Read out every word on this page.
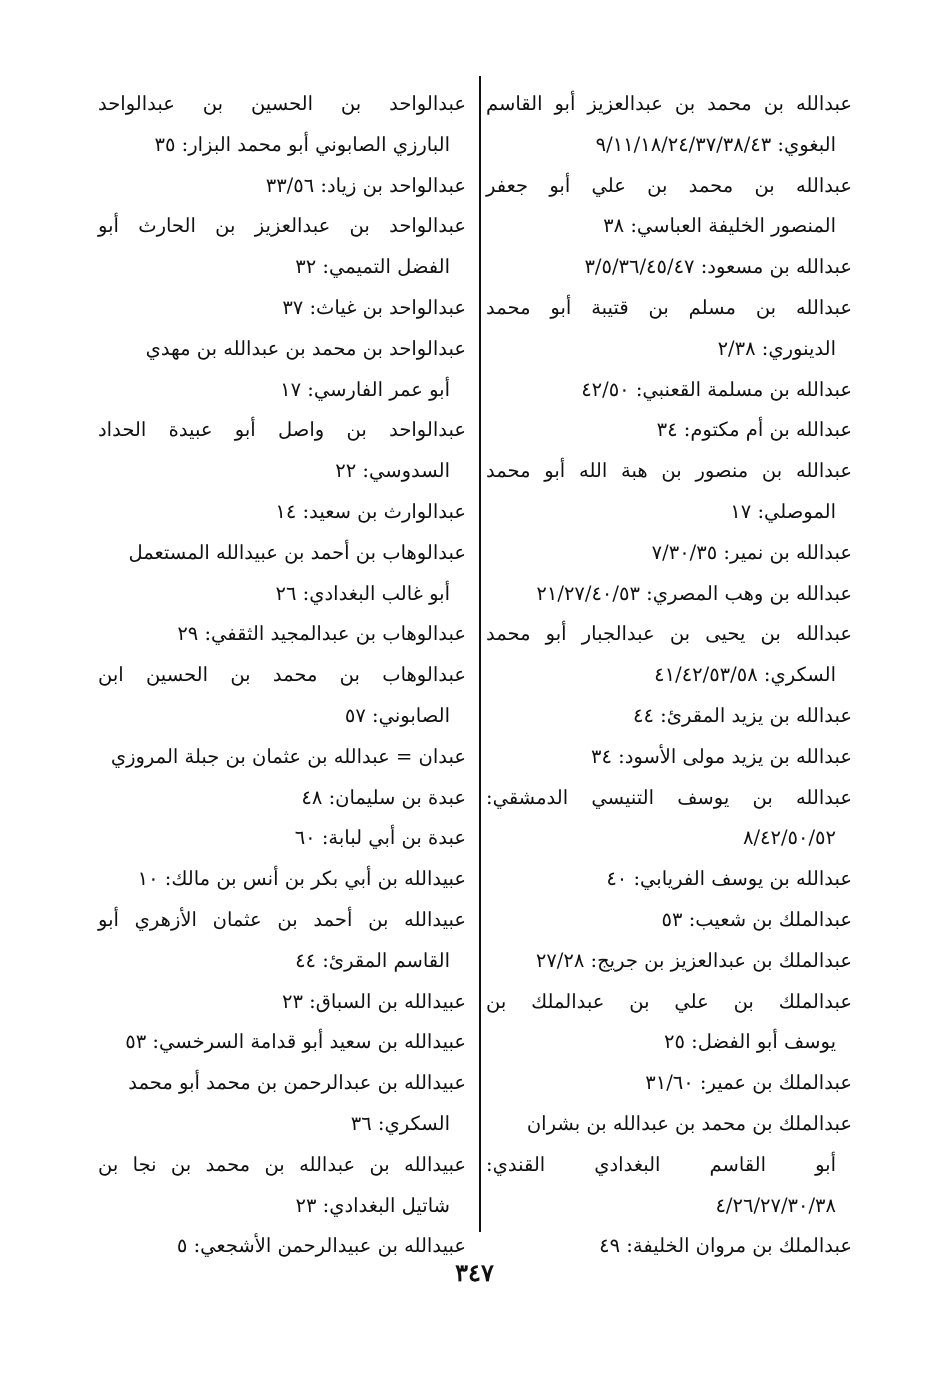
عبدالله بن محمد بن عبدالعزيز أبو القاسم
البغوي: ٩/١١/١٨/٢٤/٣٧/٣٨/٤٣
عبدالله بن محمد بن علي أبو جعفر
المنصور الخليفة العباسي: ٣٨
عبدالله بن مسعود: ٣/٥/٣٦/٤٥/٤٧
عبدالله بن مسلم بن قتيبة أبو محمد
الدينوري: ٢/٣٨
عبدالله بن مسلمة القعنبي: ٤٢/٥٠
عبدالله بن أم مكتوم: ٣٤
عبدالله بن منصور بن هبة الله أبو محمد
الموصلي: ١٧
عبدالله بن نمير: ٧/٣٠/٣٥
عبدالله بن وهب المصري: ٢١/٢٧/٤٠/٥٣
عبدالله بن يحيى بن عبدالجبار أبو محمد
السكري: ٤١/٤٢/٥٣/٥٨
عبدالله بن يزيد المقرئ: ٤٤
عبدالله بن يزيد مولى الأسود: ٣٤
عبدالله بن يوسف التنيسي الدمشقي:
٨/٤٢/٥٠/٥٢
عبدالله بن يوسف الفريابي: ٤٠
عبدالملك بن شعيب: ٥٣
عبدالملك بن عبدالعزيز بن جريج: ٢٧/٢٨
عبدالملك بن علي بن عبدالملك بن
يوسف أبو الفضل: ٢٥
عبدالملك بن عمير: ٣١/٦٠
عبدالملك بن محمد بن عبدالله بن بشران
أبو القاسم البغدادي القندي:
٤/٢٦/٢٧/٣٠/٣٨
عبدالملك بن مروان الخليفة: ٤٩
عبدالواحد بن الحسين بن عبدالواحد
البارزي الصابوني أبو محمد البزار: ٣٥
عبدالواحد بن زياد: ٣٣/٥٦
عبدالواحد بن عبدالعزيز بن الحارث أبو
الفضل التميمي: ٣٢
عبدالواحد بن غياث: ٣٧
عبدالواحد بن محمد بن عبدالله بن مهدي
أبو عمر الفارسي: ١٧
عبدالواحد بن واصل أبو عبيدة الحداد
السدوسي: ٢٢
عبدالوارث بن سعيد: ١٤
عبدالوهاب بن أحمد بن عبيدالله المستعمل
أبو غالب البغدادي: ٢٦
عبدالوهاب بن عبدالمجيد الثقفي: ٢٩
عبدالوهاب بن محمد بن الحسين ابن
الصابوني: ٥٧
عبدان = عبدالله بن عثمان بن جبلة المروزي
عبدة بن سليمان: ٤٨
عبدة بن أبي لبابة: ٦٠
عبيدالله بن أبي بكر بن أنس بن مالك: ١٠
عبيدالله بن أحمد بن عثمان الأزهري أبو
القاسم المقرئ: ٤٤
عبيدالله بن السباق: ٢٣
عبيدالله بن سعيد أبو قدامة السرخسي: ٥٣
عبيدالله بن عبدالرحمن بن محمد أبو محمد
السكري: ٣٦
عبيدالله بن عبدالله بن محمد بن نجا بن
شاتيل البغدادي: ٢٣
عبيدالله بن عبيدالرحمن الأشجعي: ٥
٣٤٧
